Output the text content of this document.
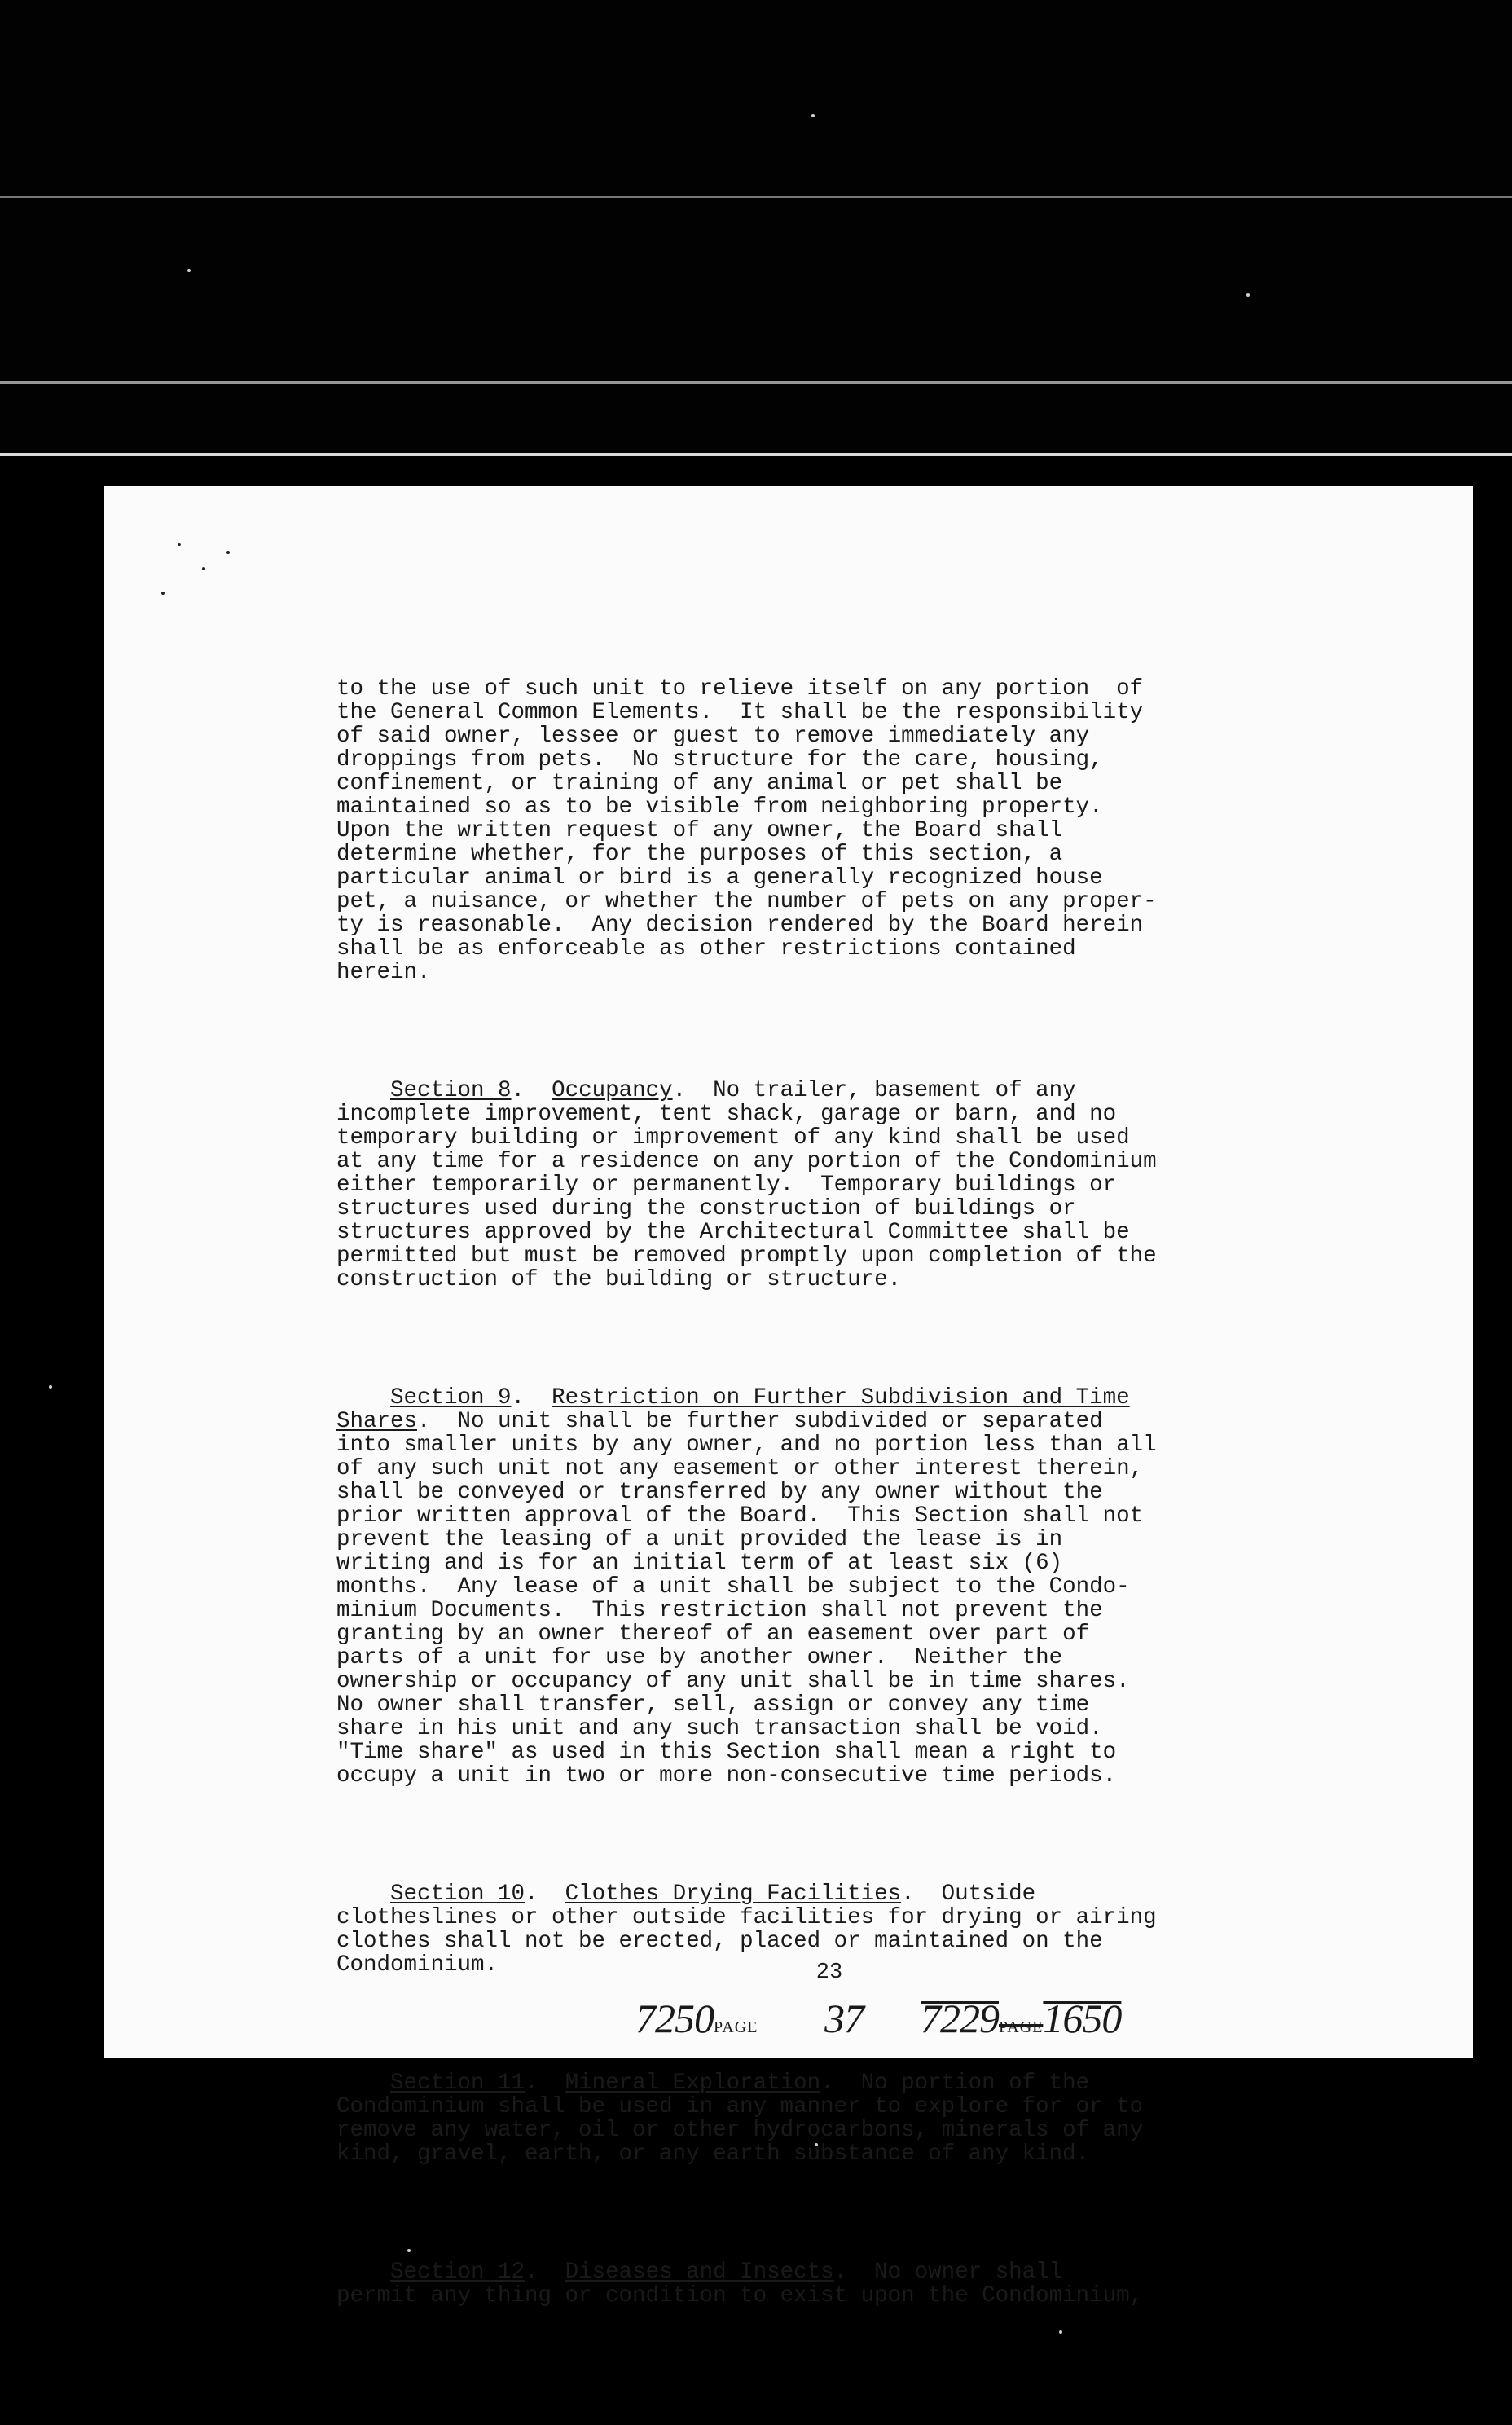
to the use of such unit to relieve itself on any portion  of
the General Common Elements.  It shall be the responsibility
of said owner, lessee or guest to remove immediately any
droppings from pets.  No structure for the care, housing,
confinement, or training of any animal or pet shall be
maintained so as to be visible from neighboring property.
Upon the written request of any owner, the Board shall
determine whether, for the purposes of this section, a
particular animal or bird is a generally recognized house
pet, a nuisance, or whether the number of pets on any proper-
ty is reasonable.  Any decision rendered by the Board herein
shall be as enforceable as other restrictions contained
herein.

Section 8.  Occupancy.  No trailer, basement of any
incomplete improvement, tent shack, garage or barn, and no
temporary building or improvement of any kind shall be used
at any time for a residence on any portion of the Condominium
either temporarily or permanently.  Temporary buildings or
structures used during the construction of buildings or
structures approved by the Architectural Committee shall be
permitted but must be removed promptly upon completion of the
construction of the building or structure.

Section 9.  Restriction on Further Subdivision and Time
Shares.  No unit shall be further subdivided or separated
into smaller units by any owner, and no portion less than all
of any such unit not any easement or other interest therein,
shall be conveyed or transferred by any owner without the
prior written approval of the Board.  This Section shall not
prevent the leasing of a unit provided the lease is in
writing and is for an initial term of at least six (6)
months.  Any lease of a unit shall be subject to the Condo-
minium Documents.  This restriction shall not prevent the
granting by an owner thereof of an easement over part of
parts of a unit for use by another owner.  Neither the
ownership or occupancy of any unit shall be in time shares.
No owner shall transfer, sell, assign or convey any time
share in his unit and any such transaction shall be void.
"Time share" as used in this Section shall mean a right to
occupy a unit in two or more non-consecutive time periods.

Section 10.  Clothes Drying Facilities.  Outside
clotheslines or other outside facilities for drying or airing
clothes shall not be erected, placed or maintained on the
Condominium.

Section 11.  Mineral Exploration.  No portion of the
Condominium shall be used in any manner to explore for or to
remove any water, oil or other hydrocarbons, minerals of any
kind, gravel, earth, or any earth substance of any kind.

Section 12.  Diseases and Insects.  No owner shall
permit any thing or condition to exist upon the Condominium,

23
7250PAGE 37 7229PAGE1650
